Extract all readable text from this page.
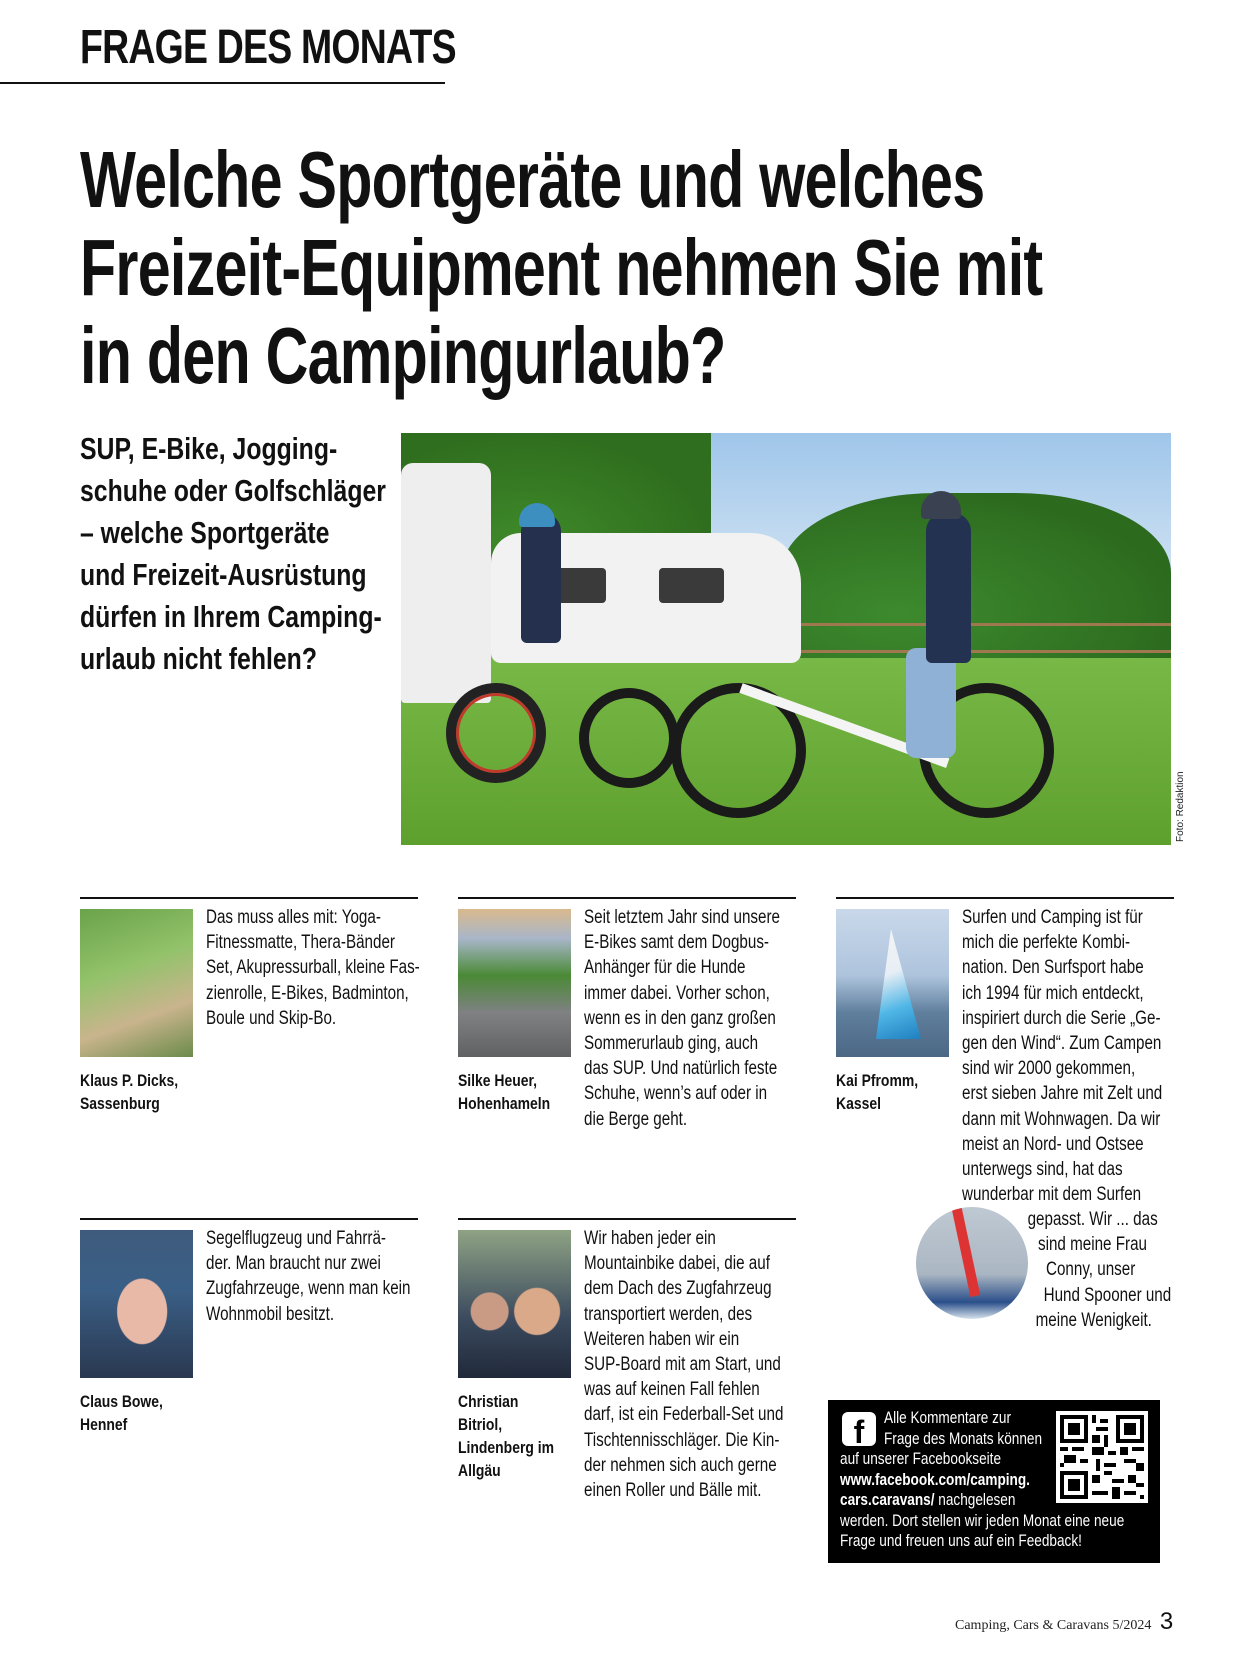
FRAGE DES MONATS
Welche Sportgeräte und welches
Freizeit-Equipment nehmen Sie mit
in den Campingurlaub?
SUP, E-Bike, Jogging-
schuhe oder Golfschläger
– welche Sportgeräte
und Freizeit-Ausrüstung
dürfen in Ihrem Camping-
urlaub nicht fehlen?
Foto: Redaktion
Klaus P. Dicks,
Sassenburg
Das muss alles mit: Yoga-
Fitnessmatte, Thera-Bänder
Set, Akupressurball, kleine Fas-
zienrolle, E-Bikes, Badminton,
Boule und Skip-Bo.
Silke Heuer,
Hohenhameln
Seit letztem Jahr sind unsere
E-Bikes samt dem Dogbus-
Anhänger für die Hunde
immer dabei. Vorher schon,
wenn es in den ganz großen
Sommerurlaub ging, auch
das SUP. Und natürlich feste
Schuhe, wenn’s auf oder in
die Berge geht.
Kai Pfromm,
Kassel
Surfen und Camping ist für
mich die perfekte Kombi-
nation. Den Surfsport habe
ich 1994 für mich entdeckt,
inspiriert durch die Serie „Ge-
gen den Wind“. Zum Campen
sind wir 2000 gekommen,
erst sieben Jahre mit Zelt und
dann mit Wohnwagen. Da wir
meist an Nord- und Ostsee
unterwegs sind, hat das
wunderbar mit dem Surfen
gepasst. Wir ... das
sind meine Frau
Conny, unser
Hund Spooner und
meine Wenigkeit.
Claus Bowe,
Hennef
Segelflugzeug und Fahrrä-
der. Man braucht nur zwei
Zugfahrzeuge, wenn man kein
Wohnmobil besitzt.
Christian
Bitriol,
Lindenberg im
Allgäu
Wir haben jeder ein
Mountainbike dabei, die auf
dem Dach des Zugfahrzeug
transportiert werden, des
Weiteren haben wir ein
SUP-Board mit am Start, und
was auf keinen Fall fehlen
darf, ist ein Federball-Set und
Tischtennisschläger. Die Kin-
der nehmen sich auch gerne
einen Roller und Bälle mit.
f	Alle Kommentare zur
Frage des Monats können
auf unserer Facebookseite
www.facebook.com/camping.
cars.caravans/ nachgelesen
werden. Dort stellen wir jeden Monat eine neue
Frage und freuen uns auf ein Feedback!
Camping, Cars & Caravans 5/2024 3
